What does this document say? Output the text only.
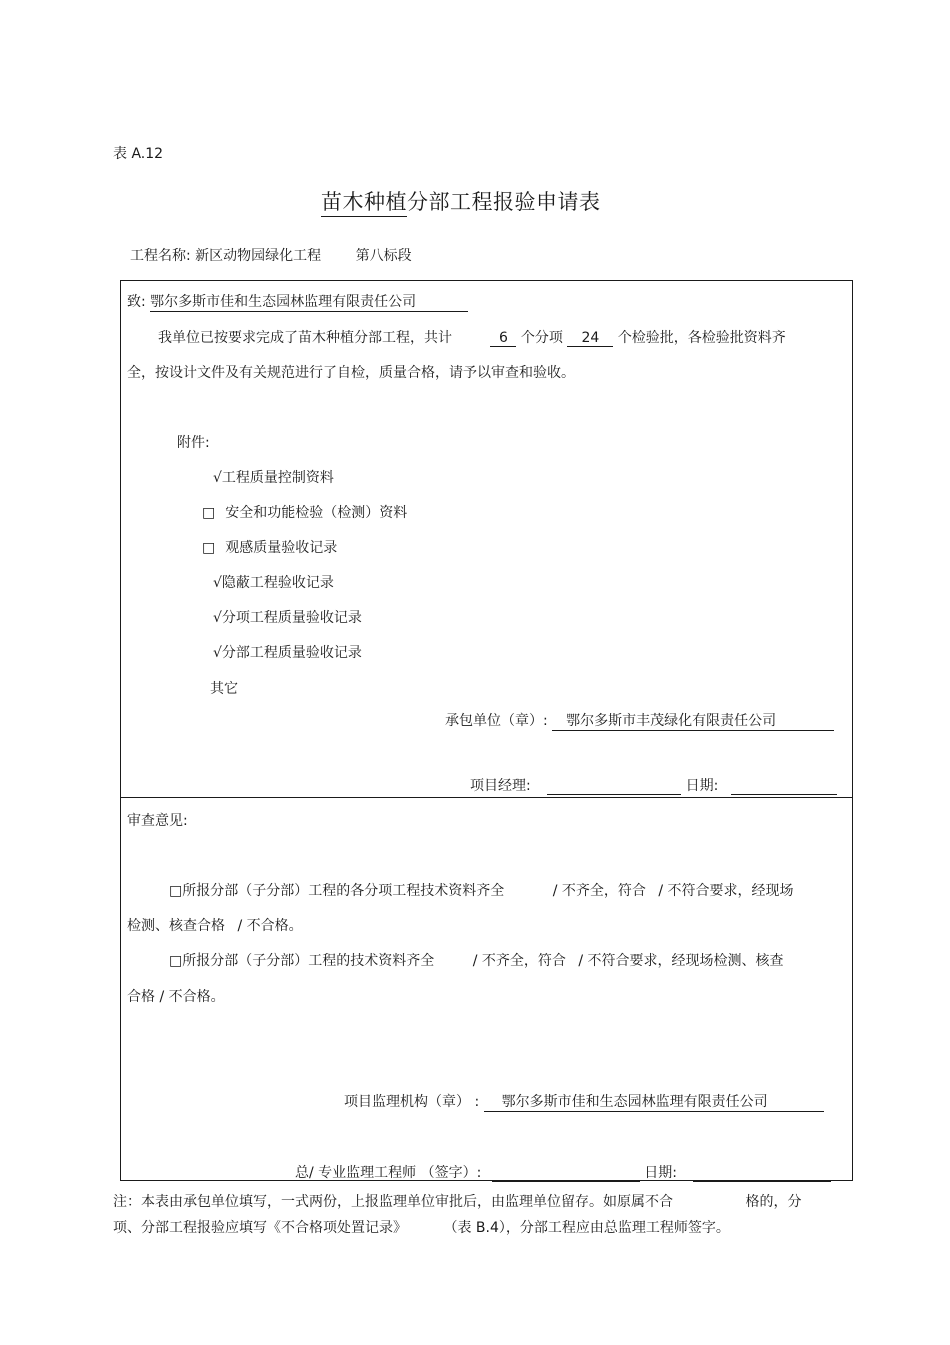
表 A.12
苗木种植分部工程报验申请表
工程名称: 新区动物园绿化工程 第八标段
致: 鄂尔多斯市佳和生态园林监理有限责任公司
我单位已按要求完成了苗木种植分部工程，共计	6 个分项 24 个检验批，各检验批资料齐
全，按设计文件及有关规范进行了自检，质量合格，请予以审查和验收。
附件:
√工程质量控制资料
□ 安全和功能检验（检测）资料
□ 观感质量验收记录
√隐蔽工程验收记录
√分项工程质量验收记录
√分部工程质量验收记录
其它
承包单位（章）: 鄂尔多斯市丰茂绿化有限责任公司
项目经理:	日期:
审查意见:
□所报分部（子分部）工程的各分项工程技术资料齐全	/ 不齐全，符合 / 不符合要求，经现场
检测、核查合格 / 不合格。
□所报分部（子分部）工程的技术资料齐全	/ 不齐全，符合 / 不符合要求，经现场检测、核查
合格 / 不合格。
项目监理机构（章） : 鄂尔多斯市佳和生态园林监理有限责任公司
总/ 专业监理工程师 （签字）:	日期:
注：本表由承包单位填写，一式两份，上报监理单位审批后，由监理单位留存。如原属不合	格的，分
项、分部工程报验应填写《不合格项处置记录》	（表 B.4），分部工程应由总监理工程师签字。
